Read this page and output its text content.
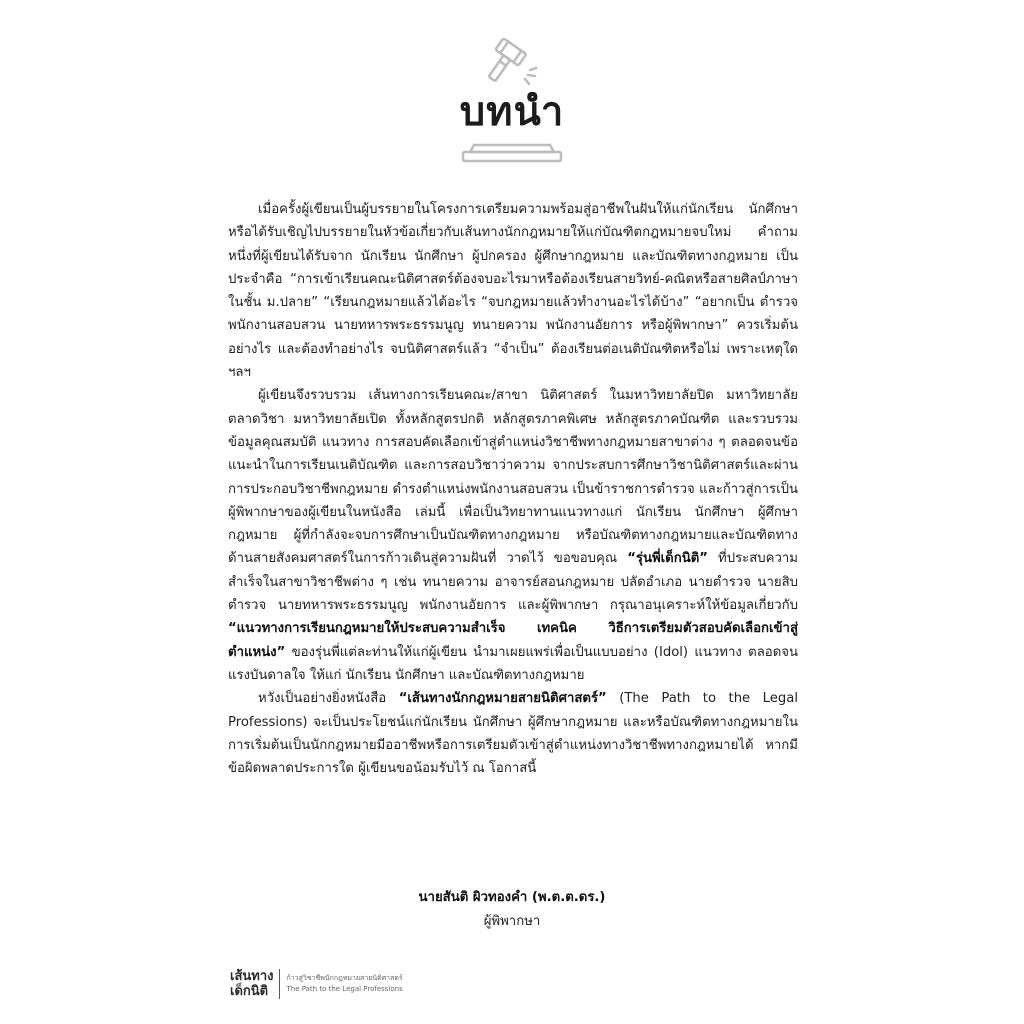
บทนำ

เมื่อครั้งผู้เขียนเป็นผู้บรรยายในโครงการเตรียมความพร้อมสู่อาชีพในฝันให้แก่นักเรียน นักศึกษา หรือได้รับเชิญไปบรรยายในหัวข้อเกี่ยวกับเส้นทางนักกฎหมายให้แก่บัณฑิตกฎหมายจบใหม่ คำถามหนึ่งที่ผู้เขียนได้รับจาก นักเรียน นักศึกษา ผู้ปกครอง ผู้ศึกษากฎหมาย และบัณฑิตทางกฎหมาย เป็นประจำคือ “การเข้าเรียนคณะนิติศาสตร์ต้องจบอะไรมาหรือต้องเรียนสายวิทย์-คณิตหรือสายศิลป์ภาษาในชั้น ม.ปลาย” “เรียนกฎหมายแล้วได้อะไร “จบกฎหมายแล้วทำงานอะไรได้บ้าง” “อยากเป็น ตำรวจ พนักงานสอบสวน นายทหารพระธรรมนูญ ทนายความ พนักงานอัยการ หรือผู้พิพากษา” ควรเริ่มต้นอย่างไร และต้องทำอย่างไร จบนิติศาสตร์แล้ว “จำเป็น” ต้องเรียนต่อเนติบัณฑิตหรือไม่ เพราะเหตุใด ฯลฯ

ผู้เขียนจึงรวบรวม เส้นทางการเรียนคณะ/สาขา นิติศาสตร์ ในมหาวิทยาลัยปิด มหาวิทยาลัยตลาดวิชา มหาวิทยาลัยเปิด ทั้งหลักสูตรปกติ หลักสูตรภาคพิเศษ หลักสูตรภาคบัณฑิต และรวบรวมข้อมูลคุณสมบัติ แนวทาง การสอบคัดเลือกเข้าสู่ตำแหน่งวิชาชีพทางกฎหมายสาขาต่าง ๆ ตลอดจนข้อแนะนำในการเรียนเนติบัณฑิต และการสอบวิชาว่าความ จากประสบการศึกษาวิชานิติศาสตร์และผ่านการประกอบวิชาชีพกฎหมาย ดำรงตำแหน่งพนักงานสอบสวน เป็นข้าราชการตำรวจ และก้าวสู่การเป็นผู้พิพากษาของผู้เขียนในหนังสือ เล่มนี้ เพื่อเป็นวิทยาทานแนวทางแก่ นักเรียน นักศึกษา ผู้ศึกษากฎหมาย ผู้ที่กำลังจะจบการศึกษาเป็นบัณฑิตทางกฎหมาย หรือบัณฑิตทางกฎหมายและบัณฑิตทางด้านสายสังคมศาสตร์ในการก้าวเดินสู่ความฝันที่ วาดไว้ ขอขอบคุณ “รุ่นพี่เด็กนิติ” ที่ประสบความสำเร็จในสาขาวิชาชีพต่าง ๆ เช่น ทนายความ อาจารย์สอนกฎหมาย ปลัดอำเภอ นายตำรวจ นายสิบตำรวจ นายทหารพระธรรมนูญ พนักงานอัยการ และผู้พิพากษา กรุณาอนุเคราะห์ให้ข้อมูลเกี่ยวกับ “แนวทางการเรียนกฎหมายให้ประสบความสำเร็จ เทคนิค วิธีการเตรียมตัวสอบคัดเลือกเข้าสู่ตำแหน่ง” ของรุ่นพี่แต่ละท่านให้แก่ผู้เขียน นำมาเผยแพร่เพื่อเป็นแบบอย่าง (Idol) แนวทาง ตลอดจนแรงบันดาลใจ ให้แก่ นักเรียน นักศึกษา และบัณฑิตทางกฎหมาย

หวังเป็นอย่างยิ่งหนังสือ “เส้นทางนักกฎหมายสายนิติศาสตร์” (The Path to the Legal Professions) จะเป็นประโยชน์แก่นักเรียน นักศึกษา ผู้ศึกษากฎหมาย และหรือบัณฑิตทางกฎหมายในการเริ่มต้นเป็นนักกฎหมายมีออาชีพหรือการเตรียมตัวเข้าสู่ตำแหน่งทางวิชาชีพทางกฎหมายได้ หากมีข้อผิดพลาดประการใด ผู้เขียนขอน้อมรับไว้ ณ โอกาสนี้

นายสันติ ผิวทองคำ (พ.ต.ต.ดร.)
ผู้พิพากษา
เส้นทาง
เด็กนิติ
ก้าวสู่วิชาชีพนักกฎหมายสายนิติศาสตร์
The Path to the Legal Professions
